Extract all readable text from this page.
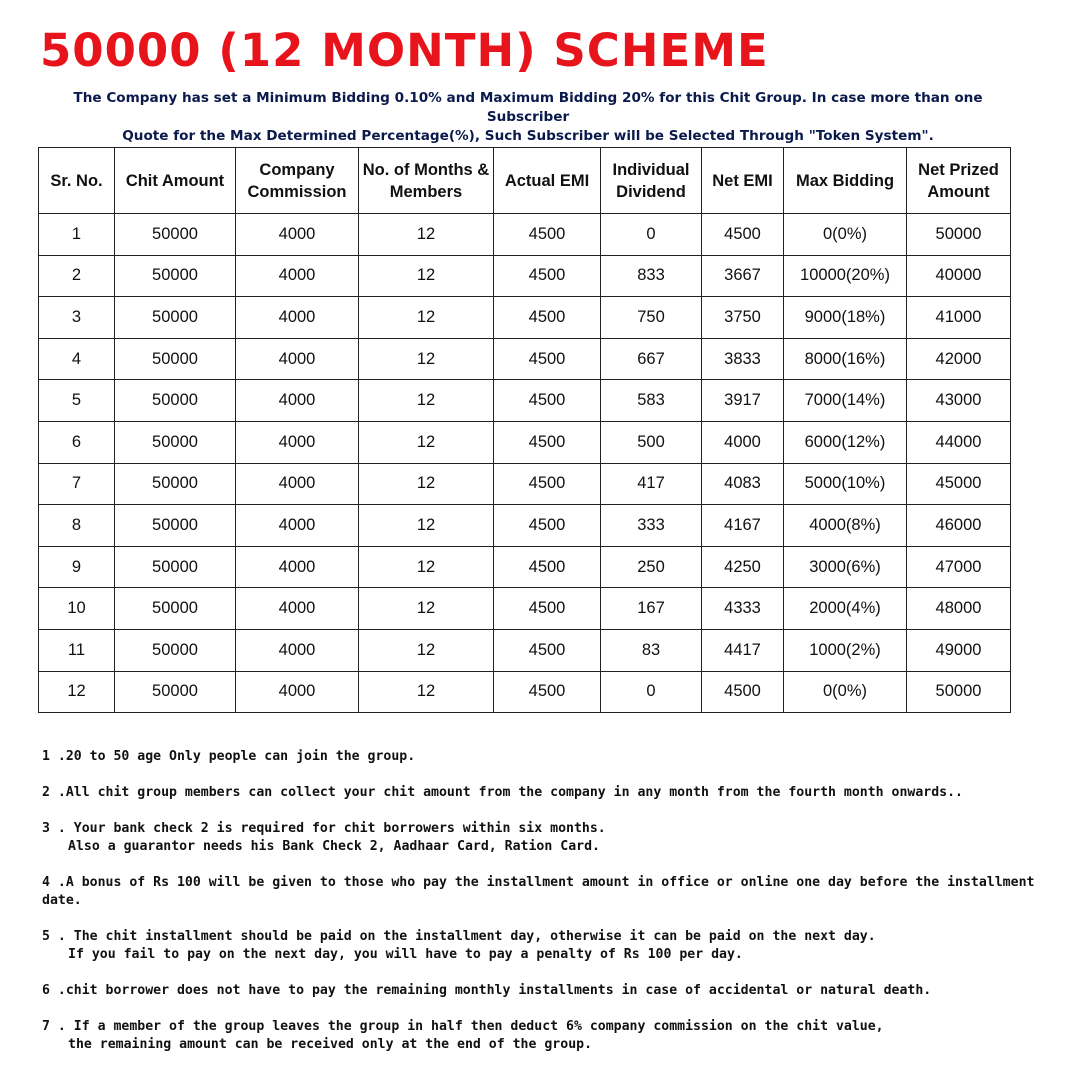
50000 (12 MONTH) SCHEME
The Company has set a Minimum Bidding 0.10% and Maximum Bidding 20% for this Chit Group. In case more than one Subscriber
Quote for the Max Determined Percentage(%), Such Subscriber will be Selected Through "Token System".
Sr. No.	Chit Amount	Company Commission	No. of Months & Members	Actual EMI	Individual Dividend	Net EMI	Max Bidding	Net Prized Amount
1	50000	4000	12	4500	0	4500	0(0%)	50000
2	50000	4000	12	4500	833	3667	10000(20%)	40000
3	50000	4000	12	4500	750	3750	9000(18%)	41000
4	50000	4000	12	4500	667	3833	8000(16%)	42000
5	50000	4000	12	4500	583	3917	7000(14%)	43000
6	50000	4000	12	4500	500	4000	6000(12%)	44000
7	50000	4000	12	4500	417	4083	5000(10%)	45000
8	50000	4000	12	4500	333	4167	4000(8%)	46000
9	50000	4000	12	4500	250	4250	3000(6%)	47000
10	50000	4000	12	4500	167	4333	2000(4%)	48000
11	50000	4000	12	4500	83	4417	1000(2%)	49000
12	50000	4000	12	4500	0	4500	0(0%)	50000
1 .20 to 50 age Only people can join the group.
2 .All chit group members can collect your chit amount from the company in any month from the fourth month onwards..
3 . Your bank check 2 is required for chit borrowers within six months.
Also a guarantor needs his Bank Check 2, Aadhaar Card, Ration Card.
4 .A bonus of Rs 100 will be given to those who pay the installment amount in office or online one day before the installment date.
5 . The chit installment should be paid on the installment day, otherwise it can be paid on the next day.
If you fail to pay on the next day, you will have to pay a penalty of Rs 100 per day.
6 .chit borrower does not have to pay the remaining monthly installments in case of accidental or natural death.
7 . If a member of the group leaves the group in half then deduct 6% company commission on the chit value,
the remaining amount can be received only at the end of the group.
